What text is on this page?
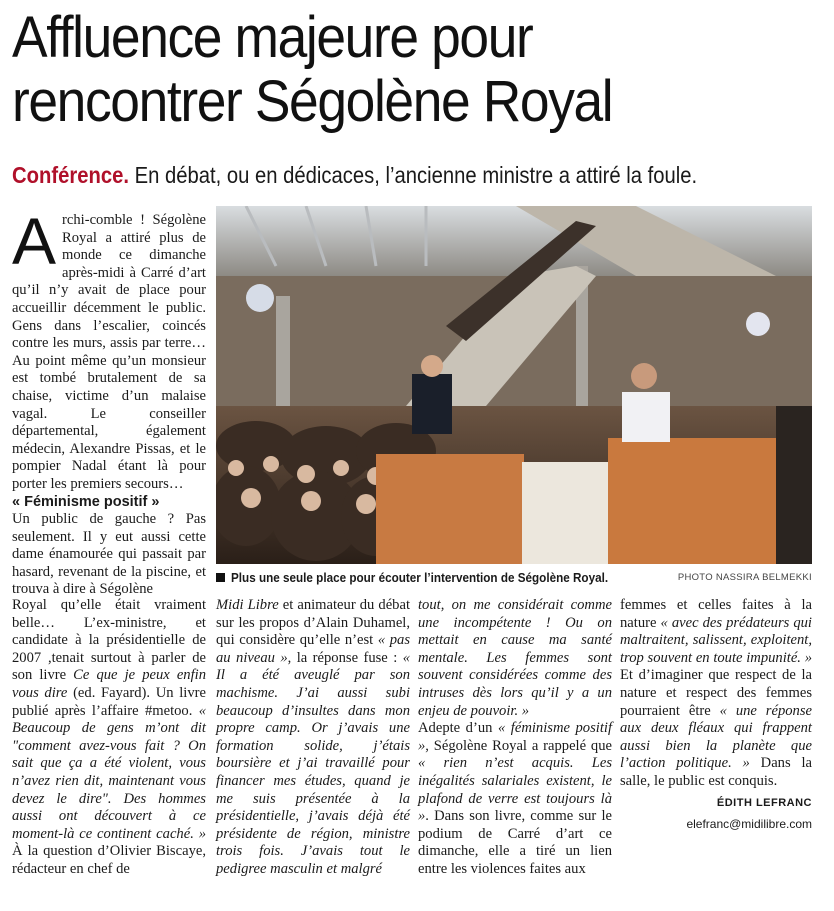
Affluence majeure pour
rencontrer Ségolène Royal
Conférence. En débat, ou en dédicaces, l’ancienne ministre a attiré la foule.

Archi-comble ! Ségolène Royal a attiré plus de monde ce dimanche après-midi à Carré d’art qu’il n’y avait de place pour accueillir décemment le public. Gens dans l’escalier, coincés contre les murs, assis par terre… Au point même qu’un monsieur est tombé brutalement de sa chaise, victime d’un malaise vagal. Le conseiller départemental, également médecin, Alexandre Pissas, et le pompier Nadal étant là pour porter les premiers secours…

« Féminisme positif »

Un public de gauche ? Pas seulement. Il y eut aussi cette dame énamourée qui passait par hasard, revenant de la piscine, et trouva à dire à Ségolène

Plus une seule place pour écouter l’intervention de Ségolène Royal.	PHOTO NASSIRA BELMEKKI

Royal qu’elle était vraiment belle… L’ex-ministre, et candidate à la présidentielle de 2007 ,tenait surtout à parler de son livre Ce que je peux enfin vous dire (ed. Fayard). Un livre publié après l’affaire #metoo. « Beaucoup de gens m’ont dit "comment avez-vous fait ? On sait que ça a été violent, vous n’avez rien dit, maintenant vous devez le dire". Des hommes aussi ont découvert à ce moment-là ce continent caché. » À la question d’Olivier Biscaye, rédacteur en chef de

Midi Libre et animateur du débat sur les propos d’Alain Duhamel, qui considère qu’elle n’est « pas au niveau », la réponse fuse : « Il a été aveuglé par son machisme. J’ai aussi subi beaucoup d’insultes dans mon propre camp. Or j’avais une formation solide, j’étais boursière et j’ai travaillé pour financer mes études, quand je me suis présentée à la présidentielle, j’avais déjà été présidente de région, ministre trois fois. J’avais tout le pedigree masculin et malgré

tout, on me considérait comme une incompétente ! Ou on mettait en cause ma santé mentale. Les femmes sont souvent considérées comme des intruses dès lors qu’il y a un enjeu de pouvoir. »

Adepte d’un « féminisme positif », Ségolène Royal a rappelé que « rien n’est acquis. Les inégalités salariales existent, le plafond de verre est toujours là ». Dans son livre, comme sur le podium de Carré d’art ce dimanche, elle a tiré un lien entre les violences faites aux

femmes et celles faites à la nature « avec des prédateurs qui maltraitent, salissent, exploitent, trop souvent en toute impunité. » Et d’imaginer que respect de la nature et respect des femmes pourraient être « une réponse aux deux fléaux qui frappent aussi bien la planète que l’action politique. » Dans la salle, le public est conquis.

ÉDITH LEFRANC
elefranc@midilibre.com
